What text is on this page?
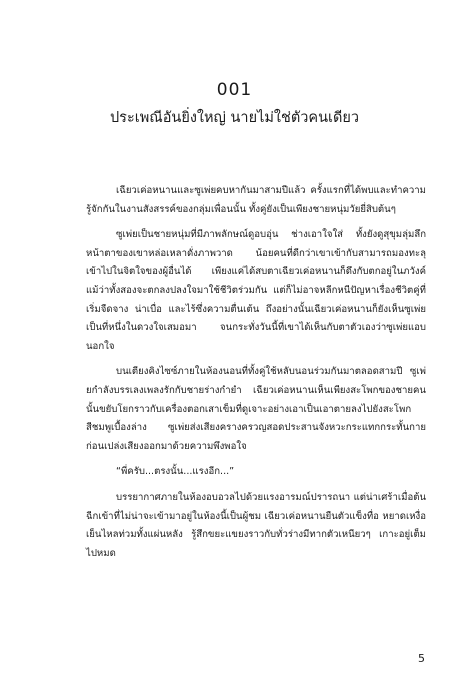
001
ประเพณีอันยิ่งใหญ่ นายไม่ใช่ตัวคนเดียว

เฉียวเค่อหนานและซูเพ่ยคบหากันมาสามปีแล้ว ครั้งแรกที่ได้พบและทำความรู้จักกันในงานสังสรรค์ของกลุ่มเพื่อนนั้น ทั้งคู่ยังเป็นเพียงชายหนุ่มวัยยี่สิบต้นๆ

ซูเพ่ยเป็นชายหนุ่มที่มีภาพลักษณ์ดูอบอุ่น ช่างเอาใจใส่ ทั้งยังดูสุขุมลุ่มลึก หน้าตาของเขาหล่อเหลาดั่งภาพวาด น้อยคนที่ดีกว่าเขาเข้ากับสามารถมองทะลุเข้าไปในจิตใจของผู้อื่นได้ เพียงแค่ได้สบตาเฉียวเค่อหนานก็ดึงกับตกอยู่ในภวังค์ แม้ว่าทั้งสองจะตกลงปลงใจมาใช้ชีวิตร่วมกัน แต่ก็ไม่อาจหลีกหนีปัญหาเรื่องชีวิตคู่ที่เริ่มจืดจาง น่าเบื่อ และไร้ซึ่งความตื่นเต้น ถึงอย่างนั้นเฉียวเค่อหนานก็ยังเห็นซูเพ่ยเป็นที่หนึ่งในดวงใจเสมอมา จนกระทั่งวันนี้ที่เขาได้เห็นกับตาตัวเองว่าซูเพ่ยแอบนอกใจ

บนเตียงคิงไซซ์ภายในห้องนอนที่ทั้งคู่ใช้หลับนอนร่วมกันมาตลอดสามปี ซูเพ่ยกำลังบรรเลงเพลงรักกับชายร่างกำยำ เฉียวเค่อหนานเห็นเพียงสะโพกของชายคนนั้นขยับโยกราวกับเครื่องตอกเสาเข็มที่ดูเจาะอย่างเอาเป็นเอาตายลงไปยังสะโพกสีชมพูเบื้องล่าง ซูเพ่ยส่งเสียงครางครวญสอดประสานจังหวะกระแทกกระทั้นกาย ก่อนเปล่งเสียงออกมาด้วยความพึงพอใจ

“พี่ครับ...ตรงนั้น...แรงอีก...”

บรรยากาศภายในห้องอบอวลไปด้วยแรงอารมณ์ปรารถนา แต่น่าเศร้าเมื่อต้นฉีกเข้าที่ไม่น่าจะเข้ามาอยู่ในห้องนี้เป็นผู้ชม เฉียวเค่อหนานยืนตัวแข็งทื่อ หยาดเหงื่อเย็นไหลท่วมทั้งแผ่นหลัง รู้สึกขยะแขยงราวกับทั่วร่างมีทากตัวเหนียวๆ เกาะอยู่เต็มไปหมด

5
